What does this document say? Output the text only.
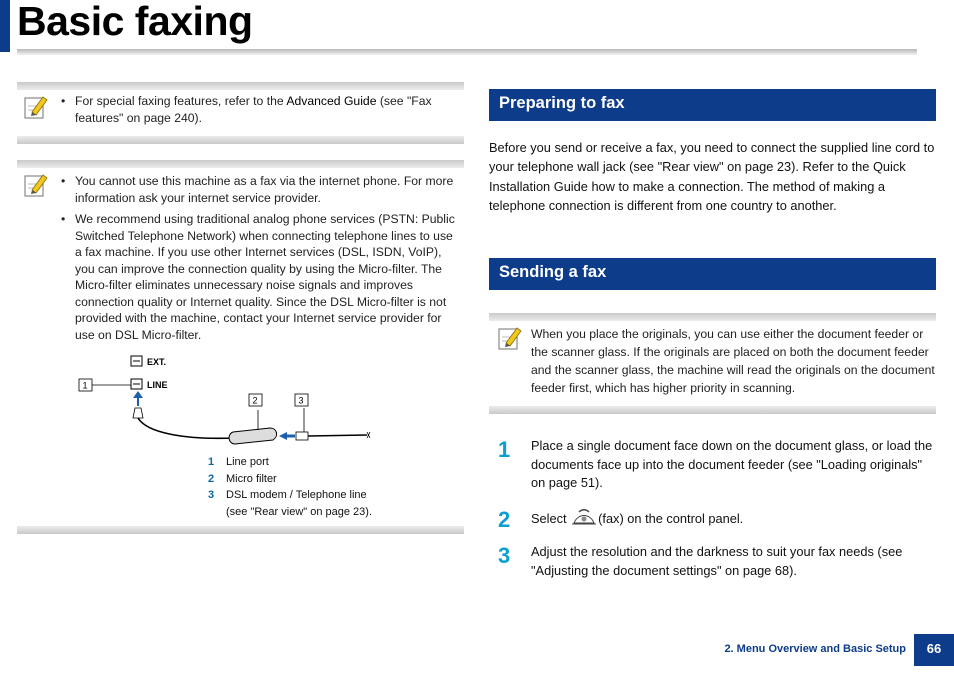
Basic faxing
• For special faxing features, refer to the Advanced Guide (see "Fax features" on page 240).
• You cannot use this machine as a fax via the internet phone. For more information ask your internet service provider.
• We recommend using traditional analog phone services (PSTN: Public Switched Telephone Network) when connecting telephone lines to use a fax machine. If you use other Internet services (DSL, ISDN, VoIP), you can improve the connection quality by using the Micro-filter. The Micro-filter eliminates unnecessary noise signals and improves connection quality or Internet quality. Since the DSL Micro-filter is not provided with the machine, contact your Internet service provider for use on DSL Micro-filter.
EXT.
LINE
1
2	3
1	Line port
2	Micro filter
3	DSL modem / Telephone line
(see "Rear view" on page 23).
Preparing to fax
Before you send or receive a fax, you need to connect the supplied line cord to your telephone wall jack (see "Rear view" on page 23). Refer to the Quick Installation Guide how to make a connection. The method of making a telephone connection is different from one country to another.
Sending a fax
When you place the originals, you can use either the document feeder or the scanner glass. If the originals are placed on both the document feeder and the scanner glass, the machine will read the originals on the document feeder first, which has higher priority in scanning.
1 Place a single document face down on the document glass, or load the documents face up into the document feeder (see "Loading originals" on page 51).
2 Select (fax) on the control panel.
3 Adjust the resolution and the darkness to suit your fax needs (see "Adjusting the document settings" on page 68).
2. Menu Overview and Basic Setup	66
